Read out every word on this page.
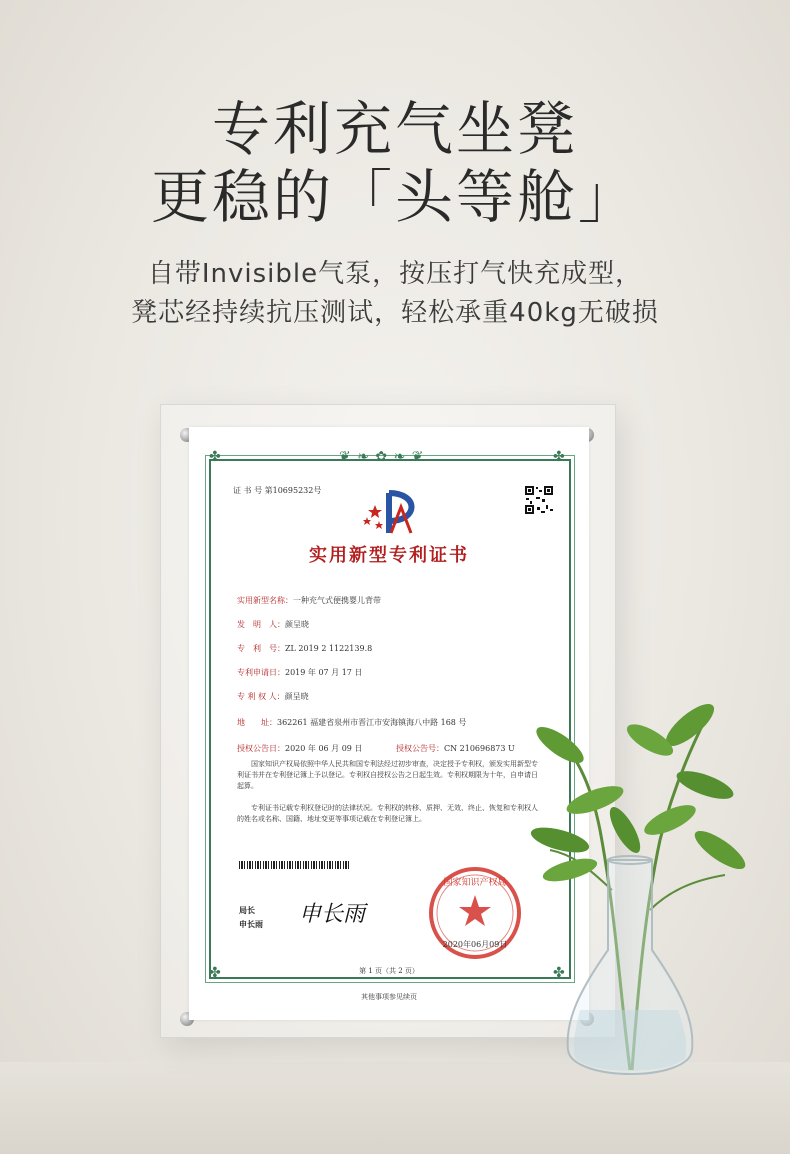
专利充气坐凳
更稳的「头等舱」
自带Invisible气泵，按压打气快充成型，
凳芯经持续抗压测试，轻松承重40kg无破损
❦ ❧ ✿ ❧ ❦
✤	✤
✤	✤
证 书 号 第10695232号
实用新型专利证书
实用新型名称：一种充气式便携婴儿背带
发　明　人：颜呈晓
专　利　号：ZL 2019 2 1122139.8
专利申请日：2019 年 07 月 17 日
专 利 权 人：颜呈晓
地　　址：362261 福建省泉州市晋江市安海镇海八中路 168 号
授权公告日：2020 年 06 月 09 日	授权公告号：CN 210696873 U
国家知识产权局依照中华人民共和国专利法经过初步审查，决定授予专利权，颁发实用新型专利证书并在专利登记簿上予以登记。专利权自授权公告之日起生效。专利权期限为十年，自申请日起算。
专利证书记载专利权登记时的法律状况。专利权的转移、质押、无效、终止、恢复和专利权人的姓名或名称、国籍、地址变更等事项记载在专利登记簿上。
局长
申长雨 申长雨
国家知识产权局
2020年06月09日
第 1 页（共 2 页）
其他事项参见续页
